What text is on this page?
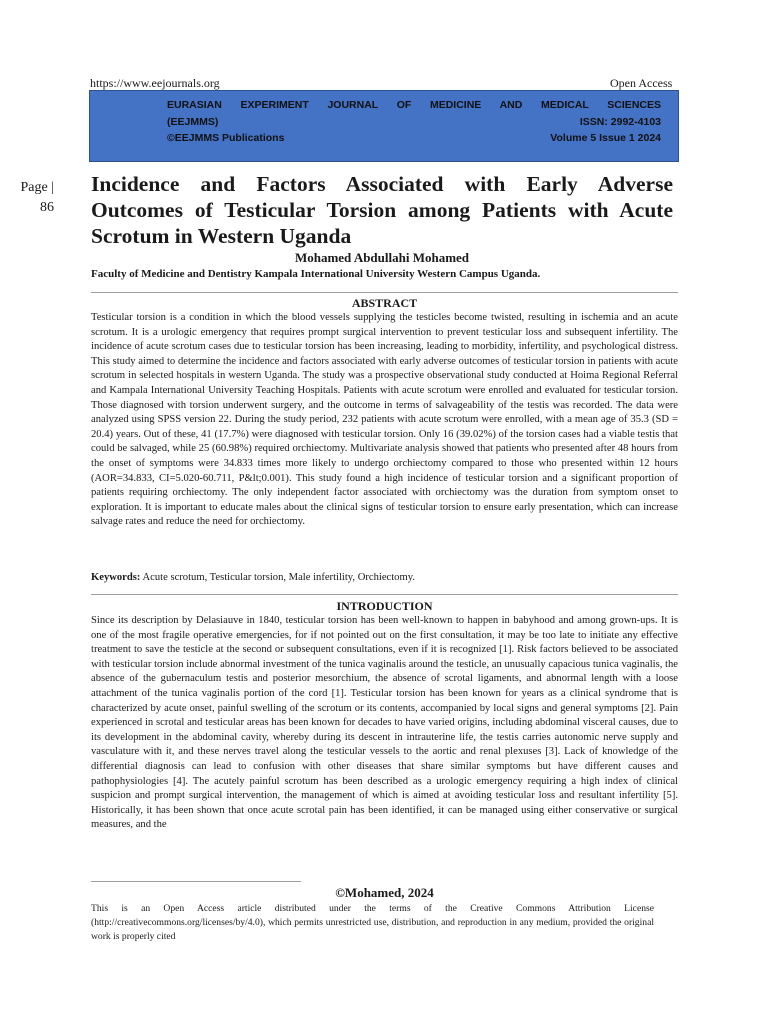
https://www.eejournals.org	Open Access
EURASIAN EXPERIMENT JOURNAL OF MEDICINE AND MEDICAL SCIENCES
(EEJMMS)	ISSN: 2992-4103
©EEJMMS Publications	Volume 5 Issue 1 2024
Page |
86
Incidence and Factors Associated with Early Adverse Outcomes of Testicular Torsion among Patients with Acute Scrotum in Western Uganda
Mohamed Abdullahi Mohamed
Faculty of Medicine and Dentistry Kampala International University Western Campus Uganda.
ABSTRACT

Testicular torsion is a condition in which the blood vessels supplying the testicles become twisted, resulting in ischemia and an acute scrotum. It is a urologic emergency that requires prompt surgical intervention to prevent testicular loss and subsequent infertility. The incidence of acute scrotum cases due to testicular torsion has been increasing, leading to morbidity, infertility, and psychological distress. This study aimed to determine the incidence and factors associated with early adverse outcomes of testicular torsion in patients with acute scrotum in selected hospitals in western Uganda. The study was a prospective observational study conducted at Hoima Regional Referral and Kampala International University Teaching Hospitals. Patients with acute scrotum were enrolled and evaluated for testicular torsion. Those diagnosed with torsion underwent surgery, and the outcome in terms of salvageability of the testis was recorded. The data were analyzed using SPSS version 22. During the study period, 232 patients with acute scrotum were enrolled, with a mean age of 35.3 (SD = 20.4) years. Out of these, 41 (17.7%) were diagnosed with testicular torsion. Only 16 (39.02%) of the torsion cases had a viable testis that could be salvaged, while 25 (60.98%) required orchiectomy. Multivariate analysis showed that patients who presented after 48 hours from the onset of symptoms were 34.833 times more likely to undergo orchiectomy compared to those who presented within 12 hours (AOR=34.833, CI=5.020-60.711, P&lt;0.001). This study found a high incidence of testicular torsion and a significant proportion of patients requiring orchiectomy. The only independent factor associated with orchiectomy was the duration from symptom onset to exploration. It is important to educate males about the clinical signs of testicular torsion to ensure early presentation, which can increase salvage rates and reduce the need for orchiectomy.

Keywords: Acute scrotum, Testicular torsion, Male infertility, Orchiectomy.
INTRODUCTION

Since its description by Delasiauve in 1840, testicular torsion has been well-known to happen in babyhood and among grown-ups. It is one of the most fragile operative emergencies, for if not pointed out on the first consultation, it may be too late to initiate any effective treatment to save the testicle at the second or subsequent consultations, even if it is recognized [1]. Risk factors believed to be associated with testicular torsion include abnormal investment of the tunica vaginalis around the testicle, an unusually capacious tunica vaginalis, the absence of the gubernaculum testis and posterior mesorchium, the absence of scrotal ligaments, and abnormal length with a loose attachment of the tunica vaginalis portion of the cord [1]. Testicular torsion has been known for years as a clinical syndrome that is characterized by acute onset, painful swelling of the scrotum or its contents, accompanied by local signs and general symptoms [2]. Pain experienced in scrotal and testicular areas has been known for decades to have varied origins, including abdominal visceral causes, due to its development in the abdominal cavity, whereby during its descent in intrauterine life, the testis carries autonomic nerve supply and vasculature with it, and these nerves travel along the testicular vessels to the aortic and renal plexuses [3]. Lack of knowledge of the differential diagnosis can lead to confusion with other diseases that share similar symptoms but have different causes and pathophysiologies [4]. The acutely painful scrotum has been described as a urologic emergency requiring a high index of clinical suspicion and prompt surgical intervention, the management of which is aimed at avoiding testicular loss and resultant infertility [5]. Historically, it has been shown that once acute scrotal pain has been identified, it can be managed using either conservative or surgical measures, and the

©Mohamed, 2024
This is an Open Access article distributed under the terms of the Creative Commons Attribution License (http://creativecommons.org/licenses/by/4.0), which permits unrestricted use, distribution, and reproduction in any medium, provided the original work is properly cited
